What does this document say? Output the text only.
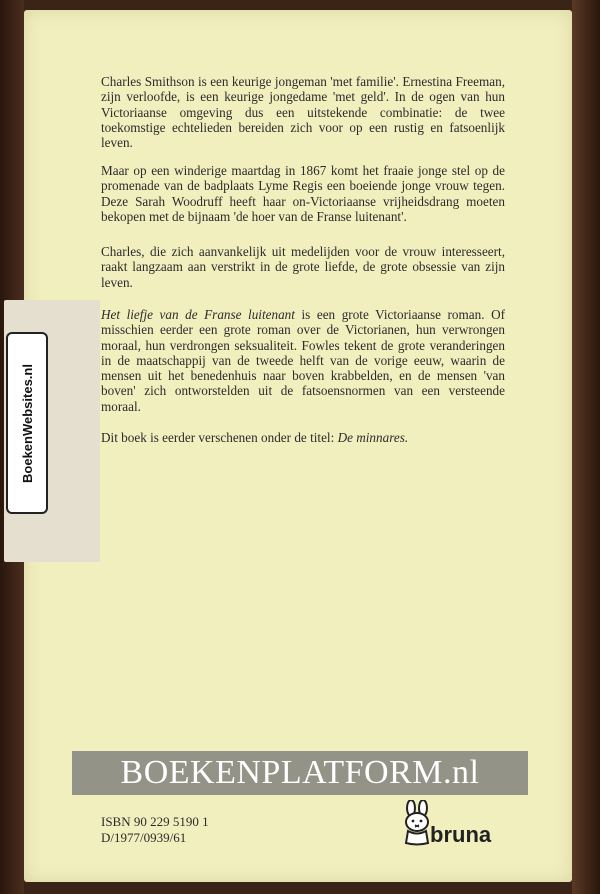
BoekenWebsites.nl

Charles Smithson is een keurige jongeman 'met familie'. Ernestina Freeman, zijn verloofde, is een keurige jongedame 'met geld'. In de ogen van hun Victoriaanse omgeving dus een uitstekende combinatie: de twee toekomstige echtelieden bereiden zich voor op een rustig en fatsoenlijk leven.

Maar op een winderige maartdag in 1867 komt het fraaie jonge stel op de promenade van de badplaats Lyme Regis een boeiende jonge vrouw tegen. Deze Sarah Woodruff heeft haar on-Victoriaanse vrijheidsdrang moeten bekopen met de bijnaam 'de hoer van de Franse luitenant'.

Charles, die zich aanvankelijk uit medelijden voor de vrouw interesseert, raakt langzaam aan verstrikt in de grote liefde, de grote obsessie van zijn leven.

Het liefje van de Franse luitenant is een grote Victoriaanse roman. Of misschien eerder een grote roman over de Victorianen, hun verwrongen moraal, hun verdrongen seksualiteit. Fowles tekent de grote veranderingen in de maatschappij van de tweede helft van de vorige eeuw, waarin de mensen uit het benedenhuis naar boven krabbelden, en de mensen 'van boven' zich ontworstelden uit de fatsoensnormen van een versteende moraal.

Dit boek is eerder verschenen onder de titel: De minnares.

BOEKENPLATFORM.nl
ISBN 90 229 5190 1
D/1977/0939/61	bruna
